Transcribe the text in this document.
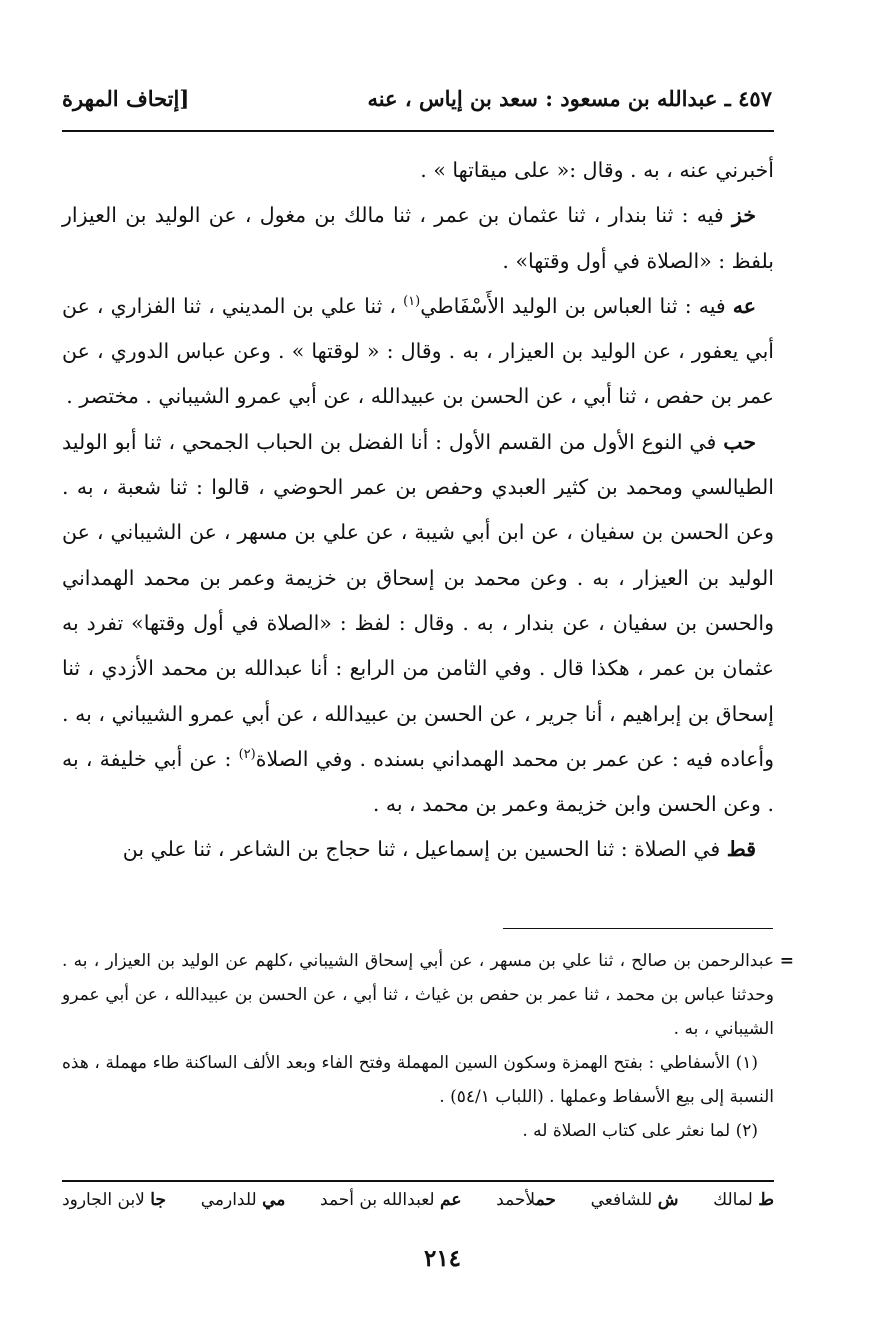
٤٥٧ ـ عبدالله بن مسعود : سعد بن إياس ، عنه
[إتحاف المهرة

أخبرني عنه ، به . وقال :« على ميقاتها » .

خز فيه : ثنا بندار ، ثنا عثمان بن عمر ، ثنا مالك بن مغول ، عن الوليد بن العيزار بلفظ : «الصلاة في أول وقتها» .

عه فيه : ثنا العباس بن الوليد الأَسْفَاطي$^{(١)}$ ، ثنا علي بن المديني ، ثنا الفزاري ، عن أبي يعفور ، عن الوليد بن العيزار ، به . وقال : « لوقتها » . وعن عباس الدوري ، عن عمر بن حفص ، ثنا أبي ، عن الحسن بن عبيدالله ، عن أبي عمرو الشيباني . مختصر .

حب في النوع الأول من القسم الأول : أنا الفضل بن الحباب الجمحي ، ثنا أبو الوليد الطيالسي ومحمد بن كثير العبدي وحفص بن عمر الحوضي ، قالوا : ثنا شعبة ، به . وعن الحسن بن سفيان ، عن ابن أبي شيبة ، عن علي بن مسهر ، عن الشيباني ، عن الوليد بن العيزار ، به . وعن محمد بن إسحاق بن خزيمة وعمر بن محمد الهمداني والحسن بن سفيان ، عن بندار ، به . وقال : لفظ : «الصلاة في أول وقتها» تفرد به عثمان بن عمر ، هكذا قال . وفي الثامن من الرابع : أنا عبدالله بن محمد الأزدي ، ثنا إسحاق بن إبراهيم ، أنا جرير ، عن الحسن بن عبيدالله ، عن أبي عمرو الشيباني ، به . وأعاده فيه : عن عمر بن محمد الهمداني بسنده . وفي الصلاة$^{(٢)}$ : عن أبي خليفة ، به . وعن الحسن وابن خزيمة وعمر بن محمد ، به .

قط في الصلاة : ثنا الحسين بن إسماعيل ، ثنا حجاج بن الشاعر ، ثنا علي بن

=

عبدالرحمن بن صالح ، ثنا علي بن مسهر ، عن أبي إسحاق الشيباني ،كلهم عن الوليد بن العيزار ، به . وحدثنا عباس بن محمد ، ثنا عمر بن حفص بن غياث ، ثنا أبي ، عن الحسن بن عبيدالله ، عن أبي عمرو الشيباني ، به .

(١) الأسفاطي : بفتح الهمزة وسكون السين المهملة وفتح الفاء وبعد الألف الساكنة طاء مهملة ، هذه النسبة إلى بيع الأسفاط وعملها . (اللباب ٥٤/١) .

(٢) لما نعثر على كتاب الصلاة له .

ط لمالك
ش للشافعي
حملأحمد
عم لعبدالله بن أحمد
مي للدارمي
جا لابن الجارود
٢١٤
